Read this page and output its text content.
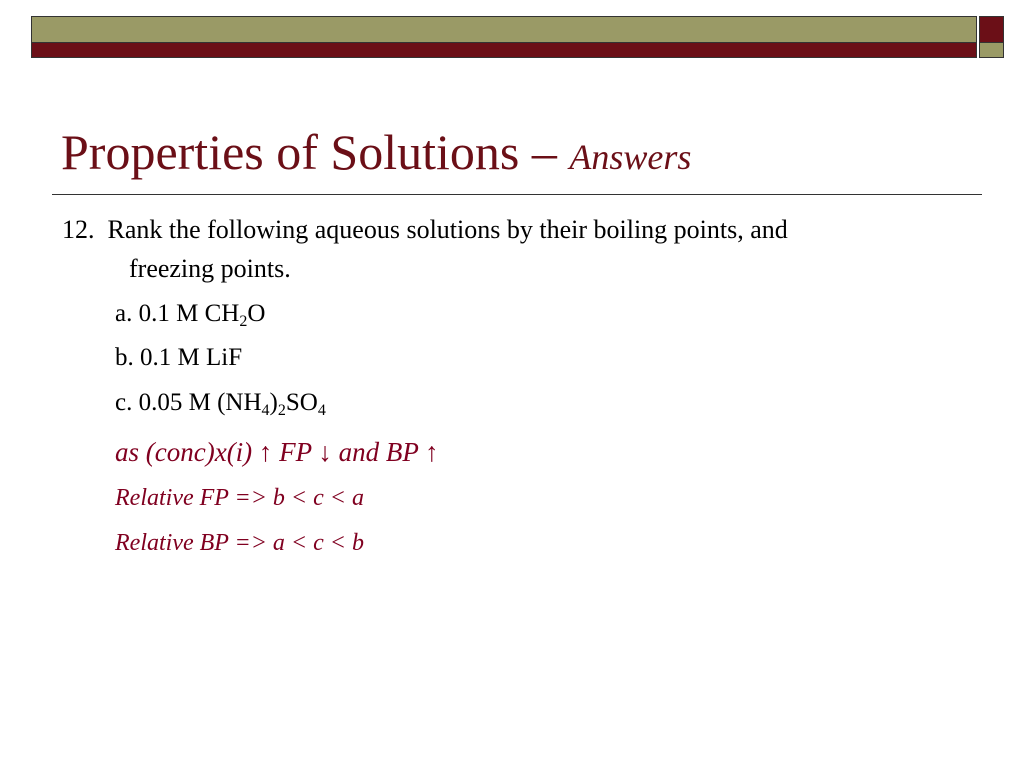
Properties of Solutions – Answers
12. Rank the following aqueous solutions by their boiling points, and
freezing points.
a. 0.1 M $CH_2O$
b. 0.1 M LiF
c. 0.05 M $(NH_4)_2SO_4$
as (conc)x(i) ↑ FP ↓ and BP ↑
Relative FP => b < c < a
Relative BP => a < c < b
